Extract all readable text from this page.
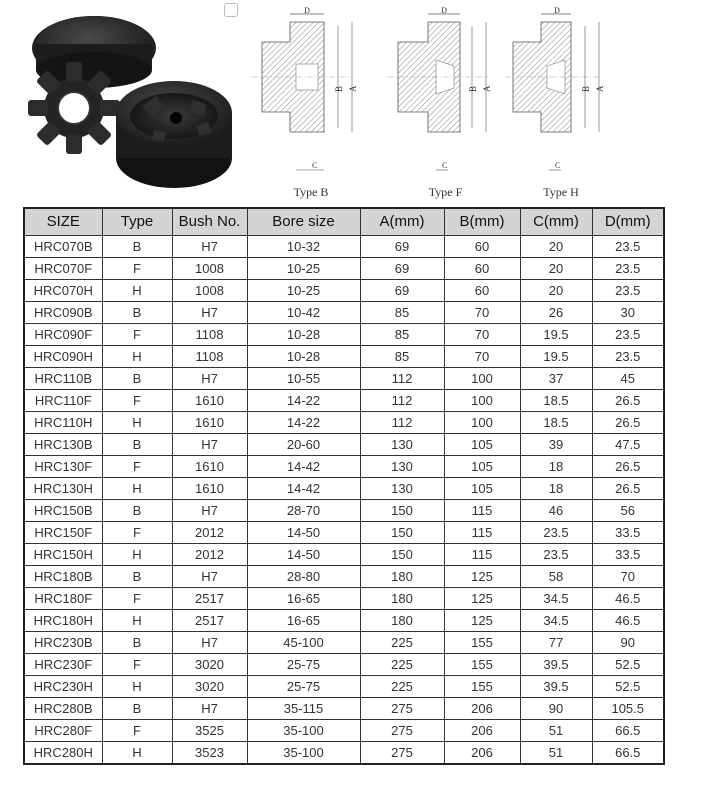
D
B A
C
Type B
D
B A
C
Type F
D
B A
C
Type H
SIZE	Type	Bush No.	Bore size	A(mm)	B(mm)	C(mm)	D(mm)
HRC070B	B	H7	10-32	69	60	20	23.5
HRC070F	F	1008	10-25	69	60	20	23.5
HRC070H	H	1008	10-25	69	60	20	23.5
HRC090B	B	H7	10-42	85	70	26	30
HRC090F	F	1108	10-28	85	70	19.5	23.5
HRC090H	H	1108	10-28	85	70	19.5	23.5
HRC110B	B	H7	10-55	112	100	37	45
HRC110F	F	1610	14-22	112	100	18.5	26.5
HRC110H	H	1610	14-22	112	100	18.5	26.5
HRC130B	B	H7	20-60	130	105	39	47.5
HRC130F	F	1610	14-42	130	105	18	26.5
HRC130H	H	1610	14-42	130	105	18	26.5
HRC150B	B	H7	28-70	150	115	46	56
HRC150F	F	2012	14-50	150	115	23.5	33.5
HRC150H	H	2012	14-50	150	115	23.5	33.5
HRC180B	B	H7	28-80	180	125	58	70
HRC180F	F	2517	16-65	180	125	34.5	46.5
HRC180H	H	2517	16-65	180	125	34.5	46.5
HRC230B	B	H7	45-100	225	155	77	90
HRC230F	F	3020	25-75	225	155	39.5	52.5
HRC230H	H	3020	25-75	225	155	39.5	52.5
HRC280B	B	H7	35-115	275	206	90	105.5
HRC280F	F	3525	35-100	275	206	51	66.5
HRC280H	H	3523	35-100	275	206	51	66.5
